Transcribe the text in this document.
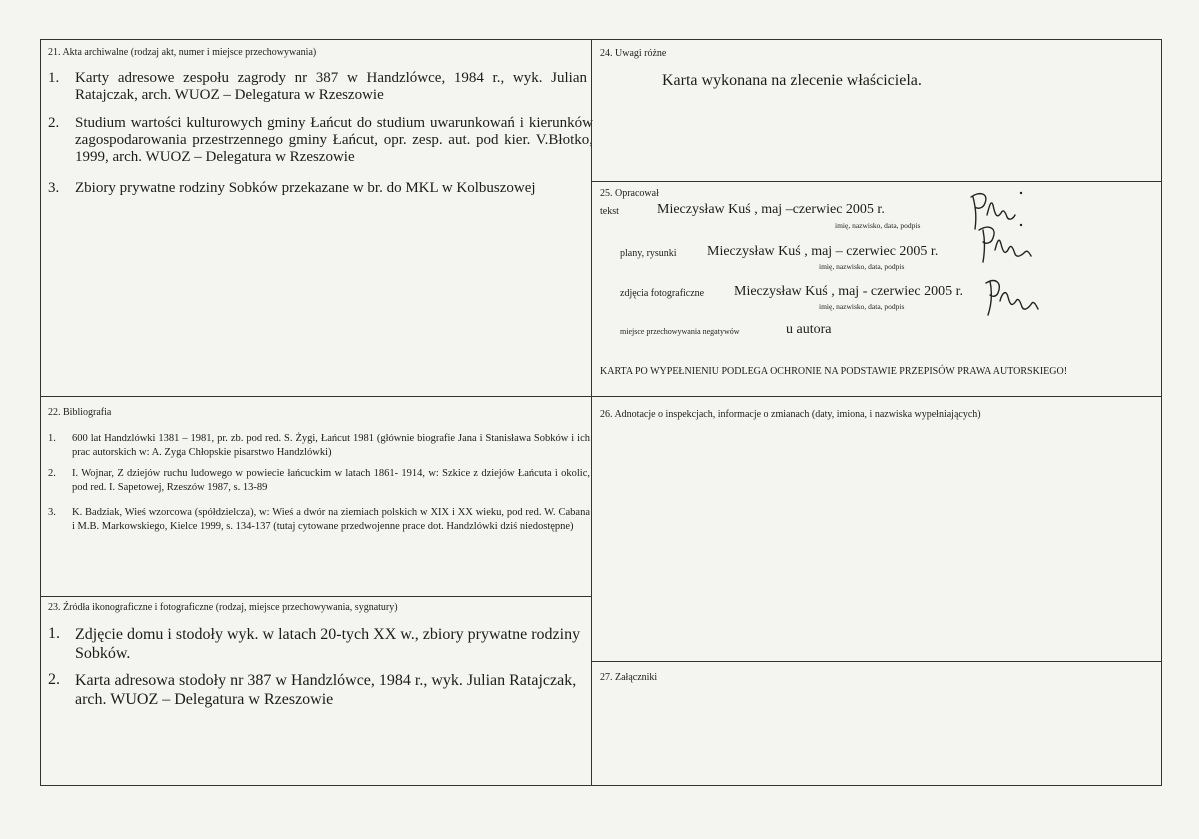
21. Akta archiwalne (rodzaj akt, numer i miejsce przechowywania)
1. Karty adresowe zespołu zagrody nr 387 w Handzlówce, 1984 r., wyk. Julian Ratajczak, arch. WUOZ – Delegatura w Rzeszowie
2. Studium wartości kulturowych gminy Łańcut do studium uwarunkowań i kierunków zagospodarowania przestrzennego gminy Łańcut, opr. zesp. aut. pod kier. V.Błotko, 1999, arch. WUOZ – Delegatura w Rzeszowie
3. Zbiory prywatne rodziny Sobków przekazane w br. do MKL w Kolbuszowej
22. Bibliografia
1. 600 lat Handzlówki 1381 – 1981, pr. zb. pod red. S. Żygi, Łańcut 1981 (głównie biografie Jana i Stanisława Sobków i ich prac autorskich w: A. Zyga Chłopskie pisarstwo Handzlówki)
2. I. Wojnar, Z dziejów ruchu ludowego w powiecie łańcuckim w latach 1861- 1914, w: Szkice z dziejów Łańcuta i okolic, pod red. I. Sapetowej, Rzeszów 1987, s. 13-89
3. K. Badziak, Wieś wzorcowa (spółdzielcza), w: Wieś a dwór na ziemiach polskich w XIX i XX wieku, pod red. W. Cabana i M.B. Markowskiego, Kielce 1999, s. 134-137 (tutaj cytowane przedwojenne prace dot. Handzlówki dziś niedostępne)
23. Źródła ikonograficzne i fotograficzne (rodzaj, miejsce przechowywania, sygnatury)
1. Zdjęcie domu i stodoły wyk. w latach 20-tych XX w., zbiory prywatne rodziny Sobków.
2. Karta adresowa stodoły nr 387 w Handzlówce, 1984 r., wyk. Julian Ratajczak, arch. WUOZ – Delegatura w Rzeszowie
24. Uwagi różne
Karta wykonana na zlecenie właściciela.
25. Opracował
tekst	Mieczysław Kuś , maj –czerwiec 2005 r.
imię, nazwisko, data, podpis
plany, rysunki Mieczysław Kuś , maj – czerwiec 2005 r.
imię, nazwisko, data, podpis
zdjęcia fotograficzne Mieczysław Kuś , maj - czerwiec 2005 r.
imię, nazwisko, data, podpis
miejsce przechowywania negatywów	u autora
KARTA PO WYPEŁNIENIU PODLEGA OCHRONIE NA PODSTAWIE PRZEPISÓW PRAWA AUTORSKIEGO!
26. Adnotacje o inspekcjach, informacje o zmianach (daty, imiona, i nazwiska wypełniających)
27. Załączniki
